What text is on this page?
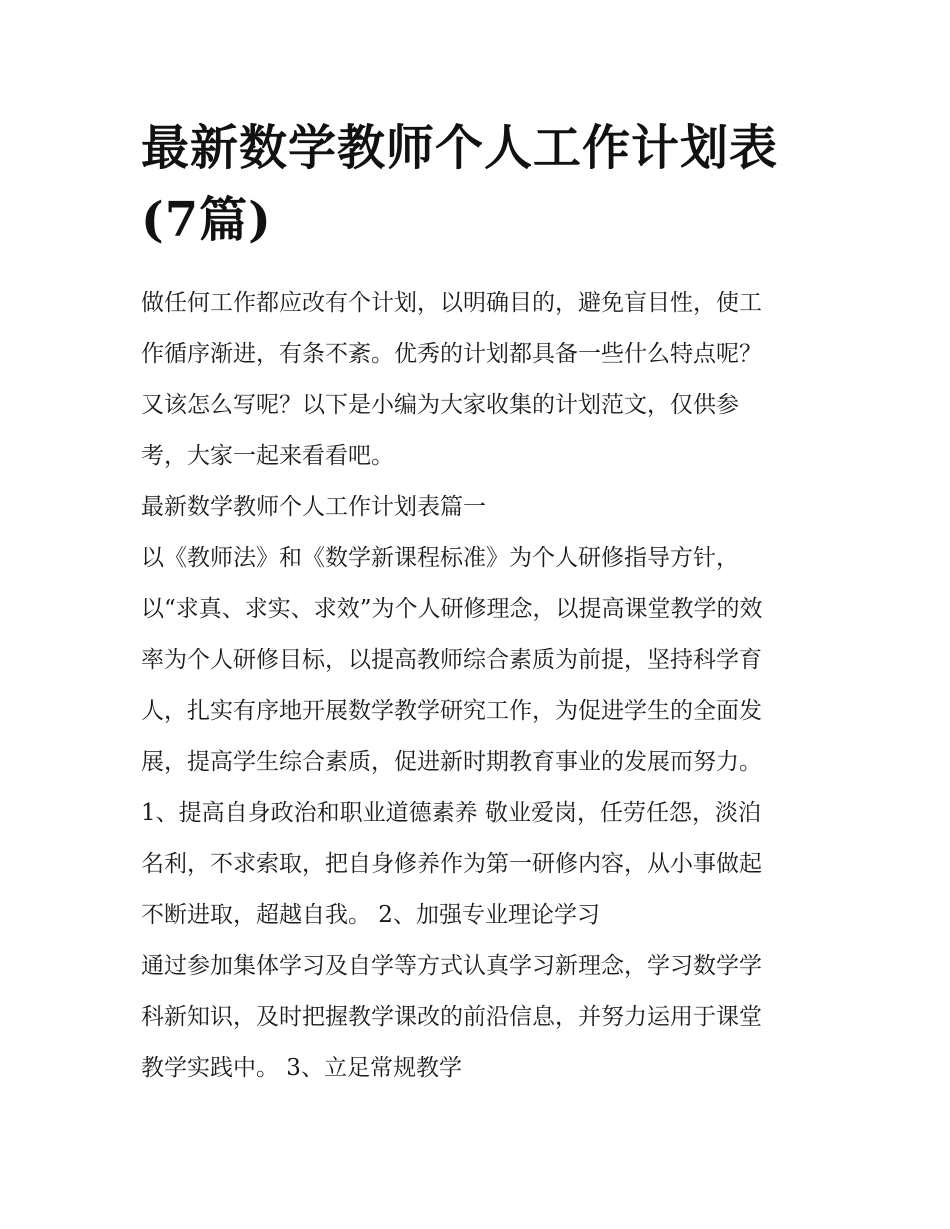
最新数学教师个人工作计划表
(7篇)
做任何工作都应改有个计划，以明确目的，避免盲目性，使工
作循序渐进，有条不紊。优秀的计划都具备一些什么特点呢？
又该怎么写呢？以下是小编为大家收集的计划范文，仅供参
考，大家一起来看看吧。
最新数学教师个人工作计划表篇一
以《教师法》和《数学新课程标准》为个人研修指导方针，
以“求真、求实、求效”为个人研修理念，以提高课堂教学的效
率为个人研修目标，以提高教师综合素质为前提，坚持科学育
人，扎实有序地开展数学教学研究工作，为促进学生的全面发
展，提高学生综合素质，促进新时期教育事业的发展而努力。
1、提高自身政治和职业道德素养 敬业爱岗，任劳任怨，淡泊
名利，不求索取，把自身修养作为第一研修内容，从小事做起
不断进取，超越自我。 2、加强专业理论学习
通过参加集体学习及自学等方式认真学习新理念，学习数学学
科新知识，及时把握教学课改的前沿信息，并努力运用于课堂
教学实践中。 3、立足常规教学
